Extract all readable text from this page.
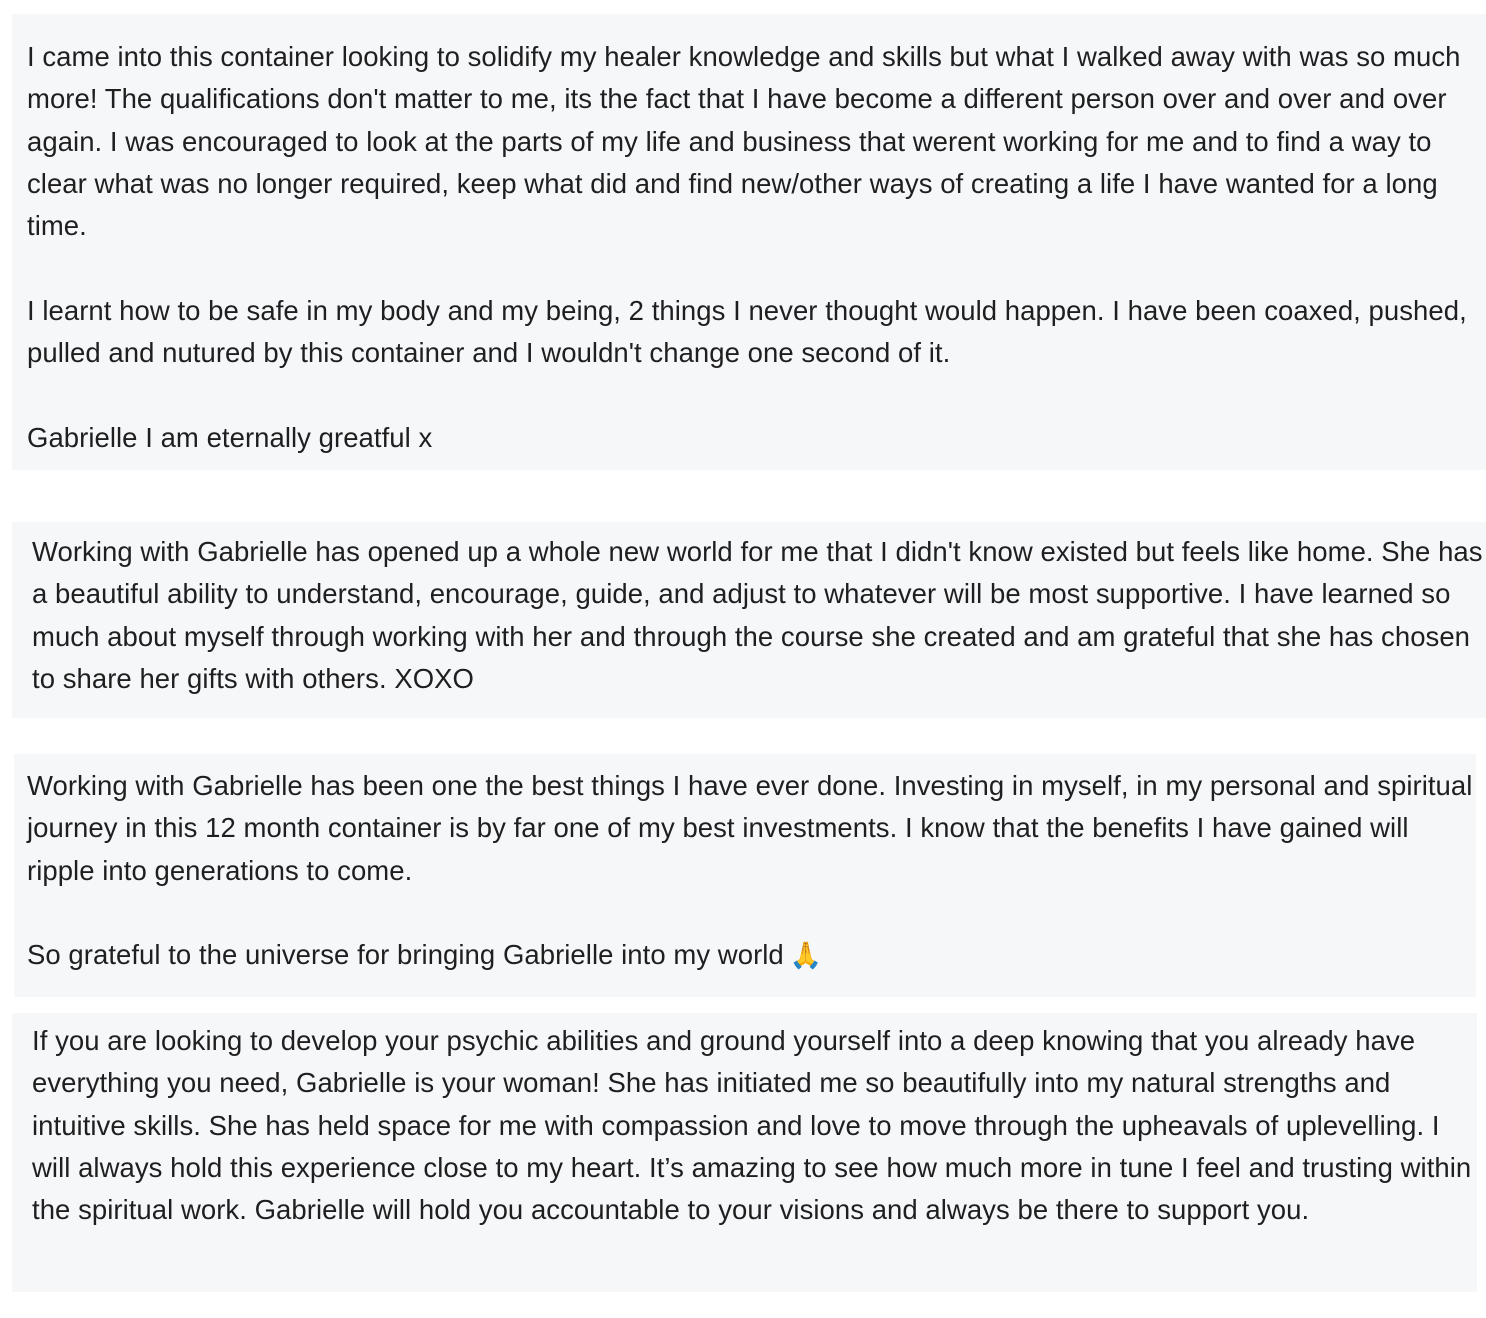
I came into this container looking to solidify my healer knowledge and skills but what I walked away with was so much more! The qualifications don't matter to me, its the fact that I have become a different person over and over and over again. I was encouraged to look at the parts of my life and business that werent working for me and to find a way to clear what was no longer required, keep what did and find new/other ways of creating a life I have wanted for a long time.

I learnt how to be safe in my body and my being, 2 things I never thought would happen. I have been coaxed, pushed, pulled and nutured by this container and I wouldn't change one second of it.

Gabrielle I am eternally greatful x

Working with Gabrielle has opened up a whole new world for me that I didn't know existed but feels like home. She has a beautiful ability to understand, encourage, guide, and adjust to whatever will be most supportive. I have learned so much about myself through working with her and through the course she created and am grateful that she has chosen to share her gifts with others. XOXO

Working with Gabrielle has been one the best things I have ever done. Investing in myself, in my personal and spiritual journey in this 12 month container is by far one of my best investments. I know that the benefits I have gained will ripple into generations to come.

So grateful to the universe for bringing Gabrielle into my world 🙏

If you are looking to develop your psychic abilities and ground yourself into a deep knowing that you already have everything you need, Gabrielle is your woman! She has initiated me so beautifully into my natural strengths and intuitive skills. She has held space for me with compassion and love to move through the upheavals of uplevelling. I will always hold this experience close to my heart. It’s amazing to see how much more in tune I feel and trusting within the spiritual work. Gabrielle will hold you accountable to your visions and always be there to support you.
